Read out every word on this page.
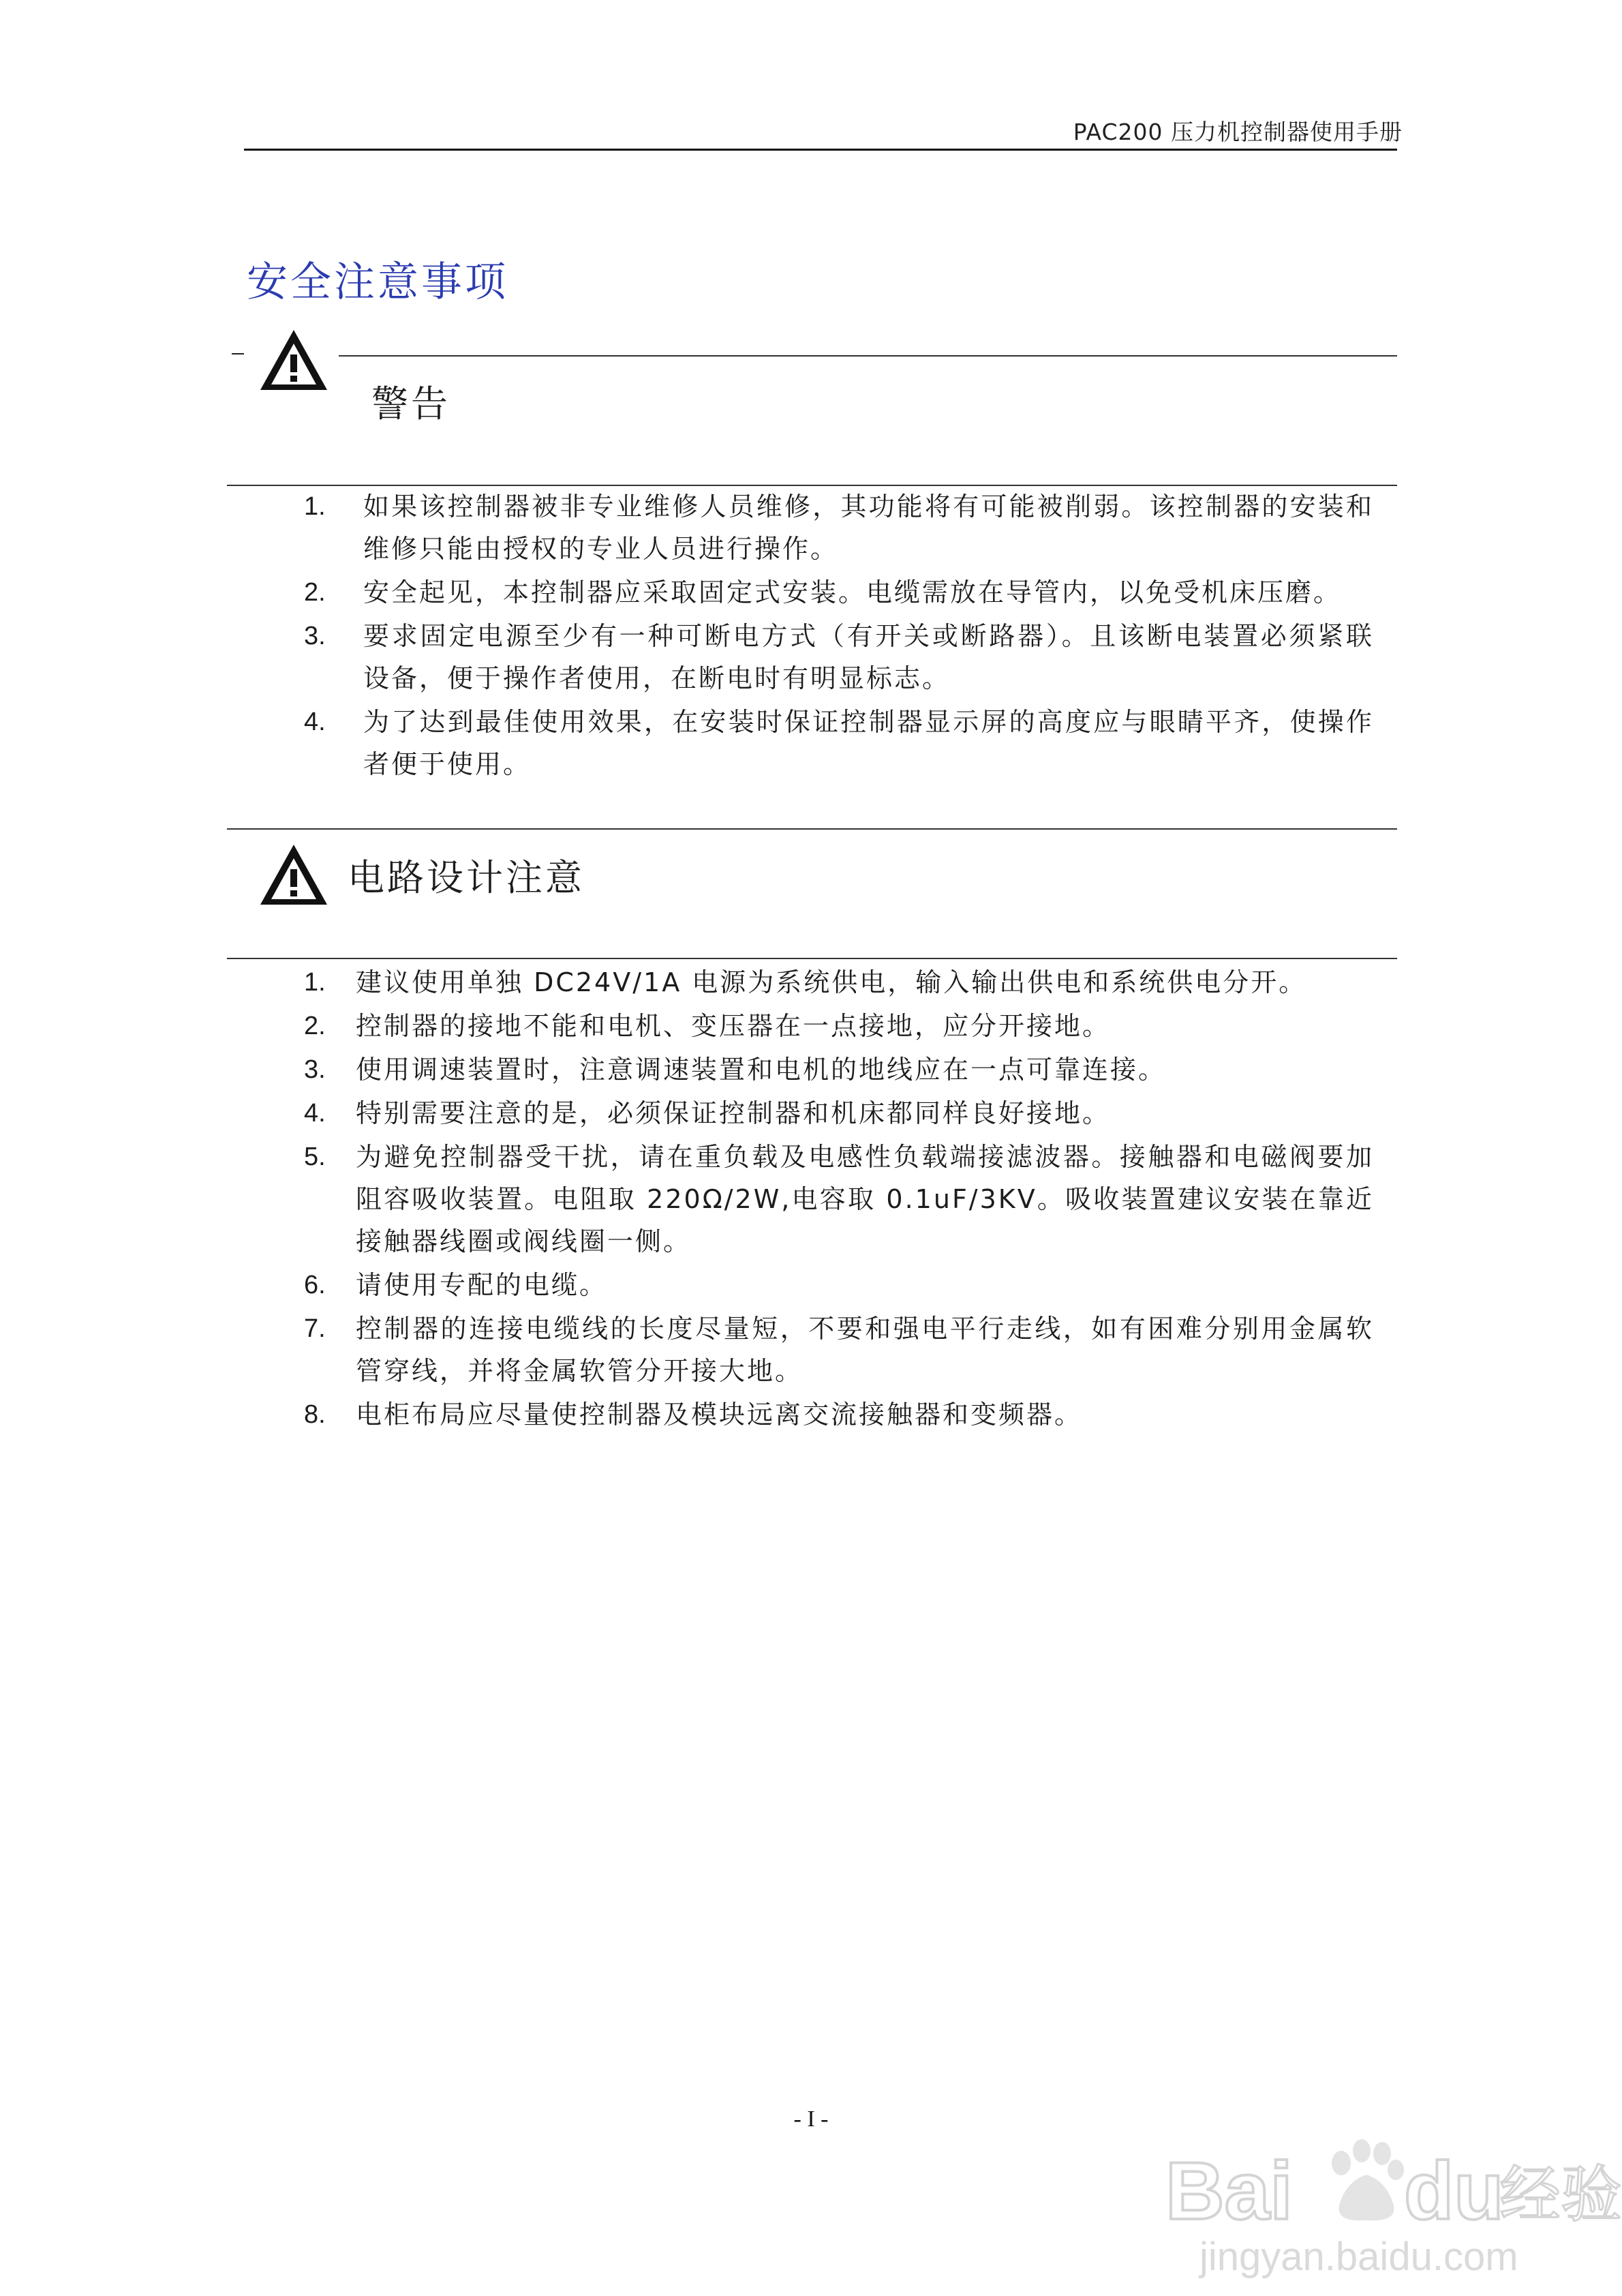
PAC200 压力机控制器使用手册
安全注意事项
警告
1. 如果该控制器被非专业维修人员维修，其功能将有可能被削弱。该控制器的安装和维修只能由授权的专业人员进行操作。
2. 安全起见，本控制器应采取固定式安装。电缆需放在导管内，以免受机床压磨。
3. 要求固定电源至少有一种可断电方式（有开关或断路器）。且该断电装置必须紧联设备，便于操作者使用，在断电时有明显标志。
4. 为了达到最佳使用效果，在安装时保证控制器显示屏的高度应与眼睛平齐，使操作者便于使用。
电路设计注意
1. 建议使用单独 DC24V/1A 电源为系统供电，输入输出供电和系统供电分开。
2. 控制器的接地不能和电机、变压器在一点接地，应分开接地。
3. 使用调速装置时，注意调速装置和电机的地线应在一点可靠连接。
4. 特别需要注意的是，必须保证控制器和机床都同样良好接地。
5. 为避免控制器受干扰，请在重负载及电感性负载端接滤波器。接触器和电磁阀要加阻容吸收装置。电阻取 220Ω/2W,电容取 0.1uF/3KV。吸收装置建议安装在靠近接触器线圈或阀线圈一侧。
6. 请使用专配的电缆。
7. 控制器的连接电缆线的长度尽量短，不要和强电平行走线，如有困难分别用金属软管穿线，并将金属软管分开接大地。
8. 电柜布局应尽量使控制器及模块远离交流接触器和变频器。
- I -
Bai du
经验
jingyan.baidu.com
